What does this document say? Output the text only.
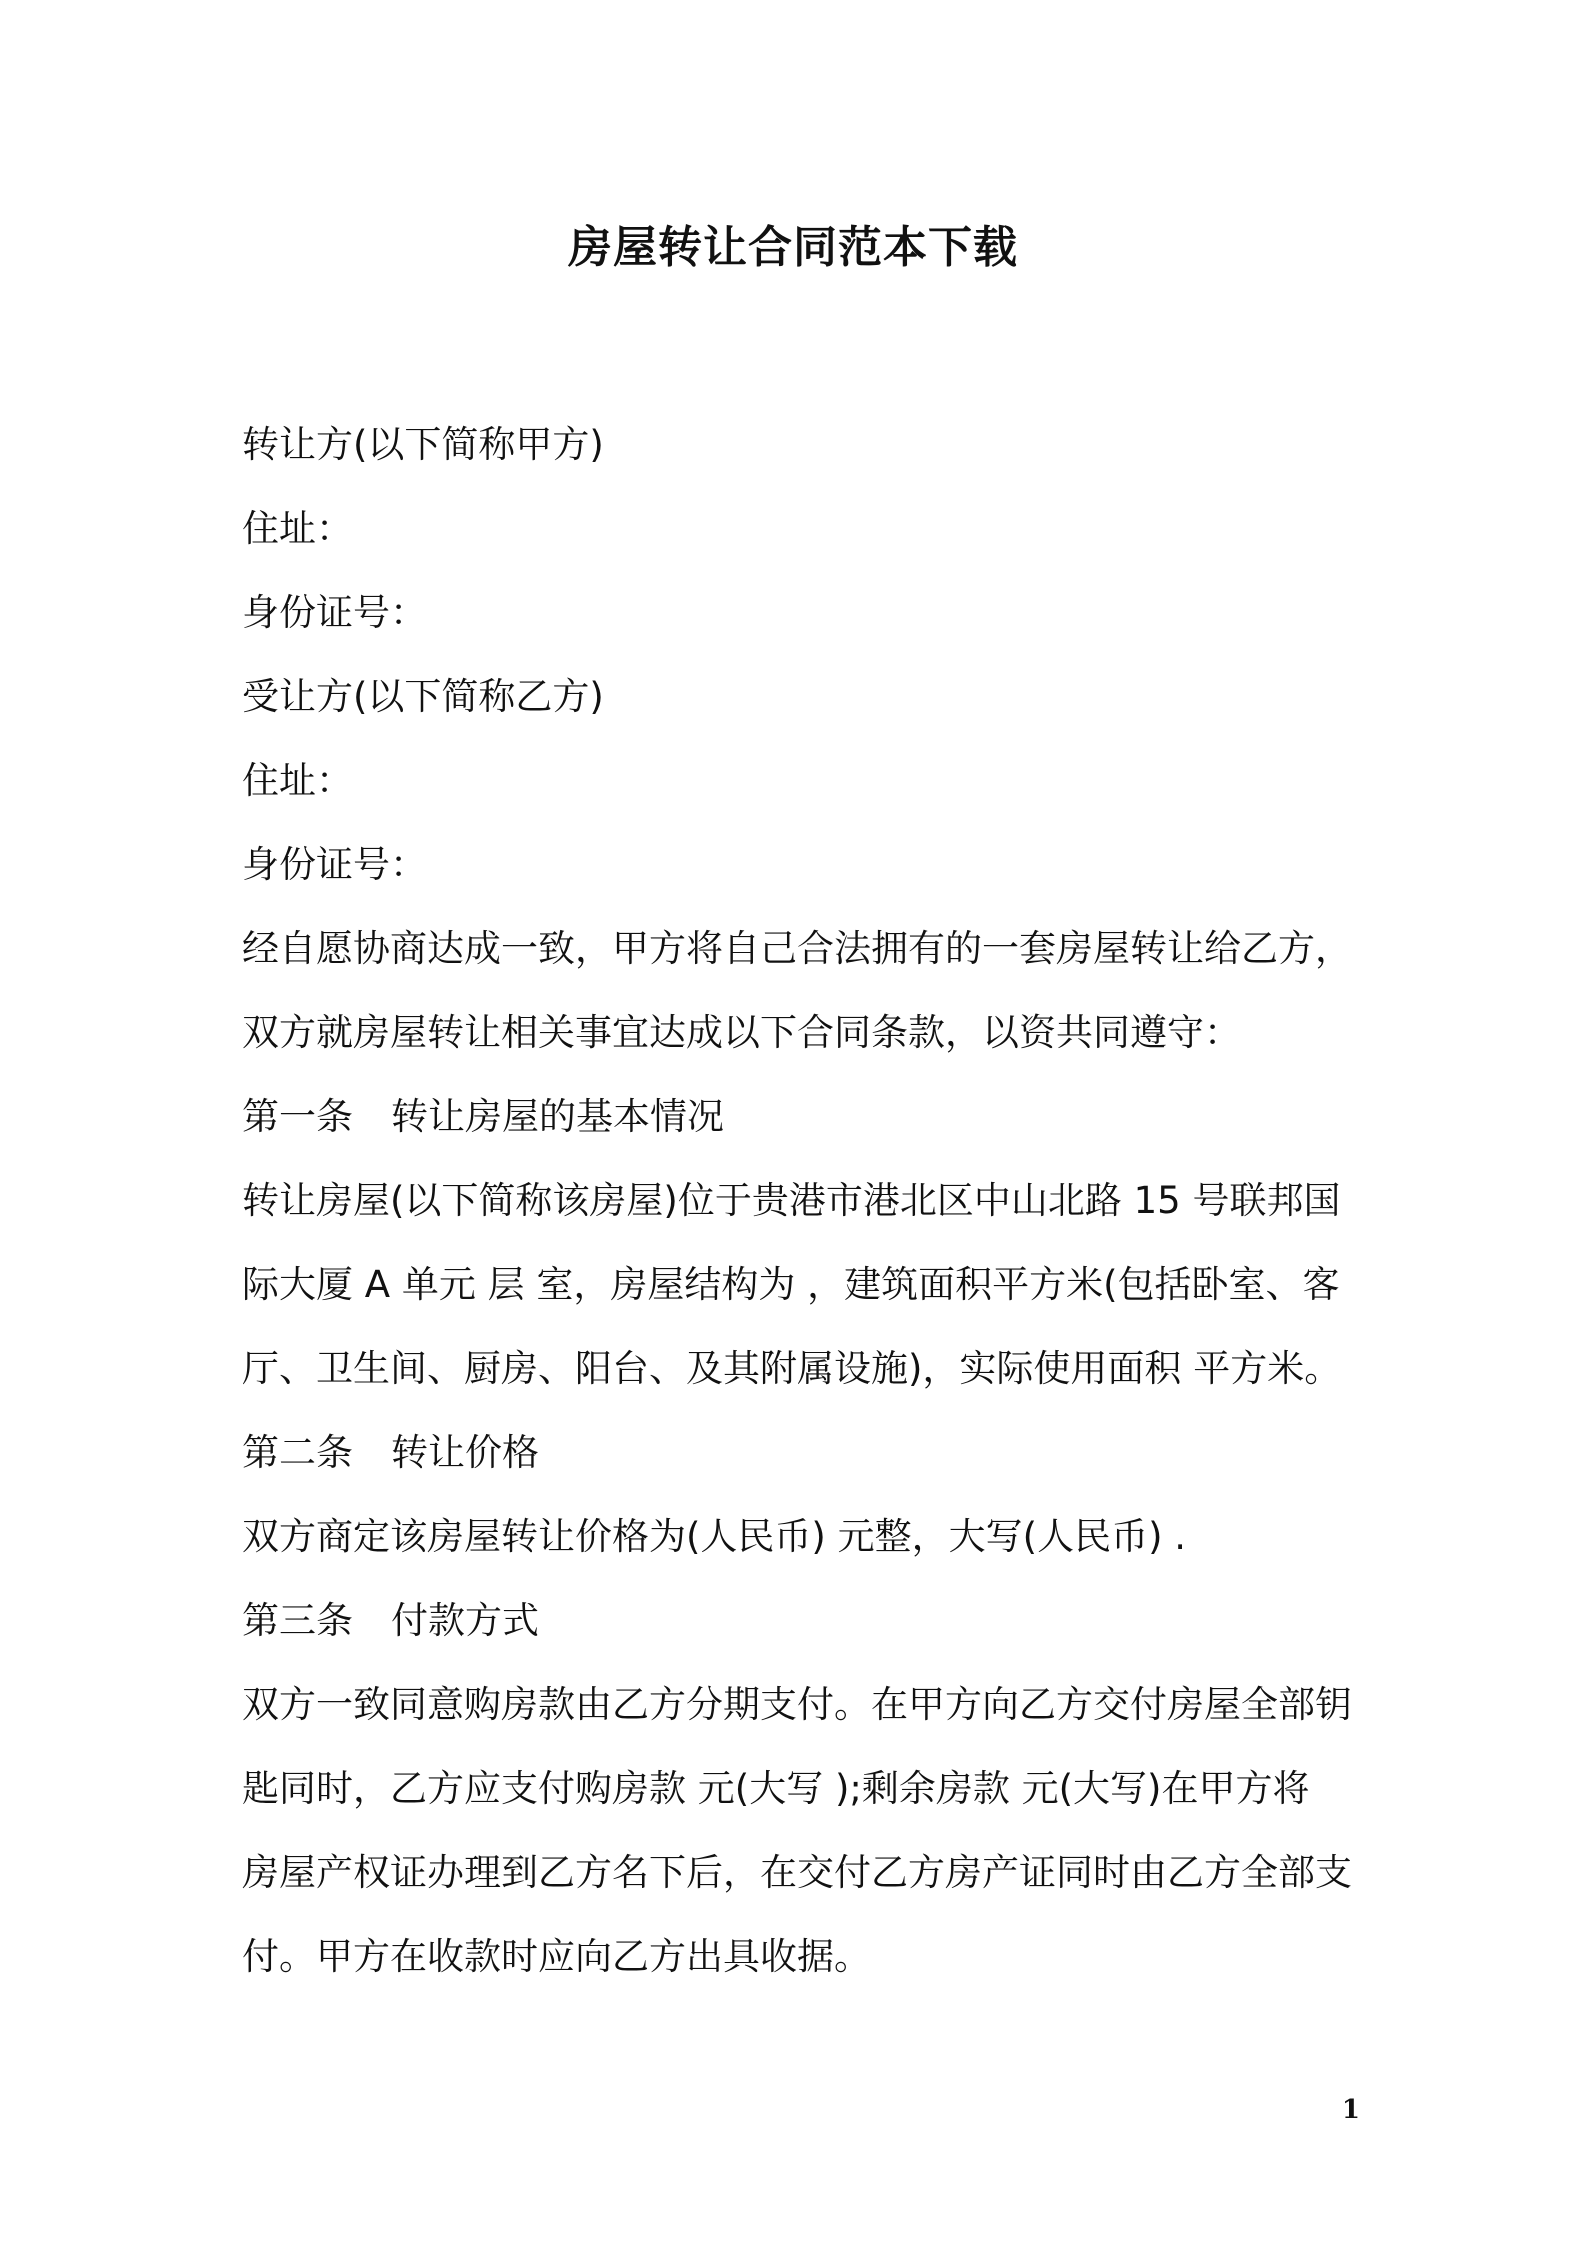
房屋转让合同范本下载
转让方(以下简称甲方)
住址：
身份证号：
受让方(以下简称乙方)
住址：
身份证号：
经自愿协商达成一致，甲方将自己合法拥有的一套房屋转让给乙方，
双方就房屋转让相关事宜达成以下合同条款，以资共同遵守：
第一条 转让房屋的基本情况
转让房屋(以下简称该房屋)位于贵港市港北区中山北路 15 号联邦国
际大厦 A 单元 层 室，房屋结构为 ，建筑面积平方米(包括卧室、客
厅、卫生间、厨房、阳台、及其附属设施)，实际使用面积 平方米。
第二条 转让价格
双方商定该房屋转让价格为(人民币) 元整，大写(人民币) .
第三条 付款方式
双方一致同意购房款由乙方分期支付。在甲方向乙方交付房屋全部钥
匙同时，乙方应支付购房款 元(大写 );剩余房款 元(大写)在甲方将
房屋产权证办理到乙方名下后，在交付乙方房产证同时由乙方全部支
付。甲方在收款时应向乙方出具收据。
1
